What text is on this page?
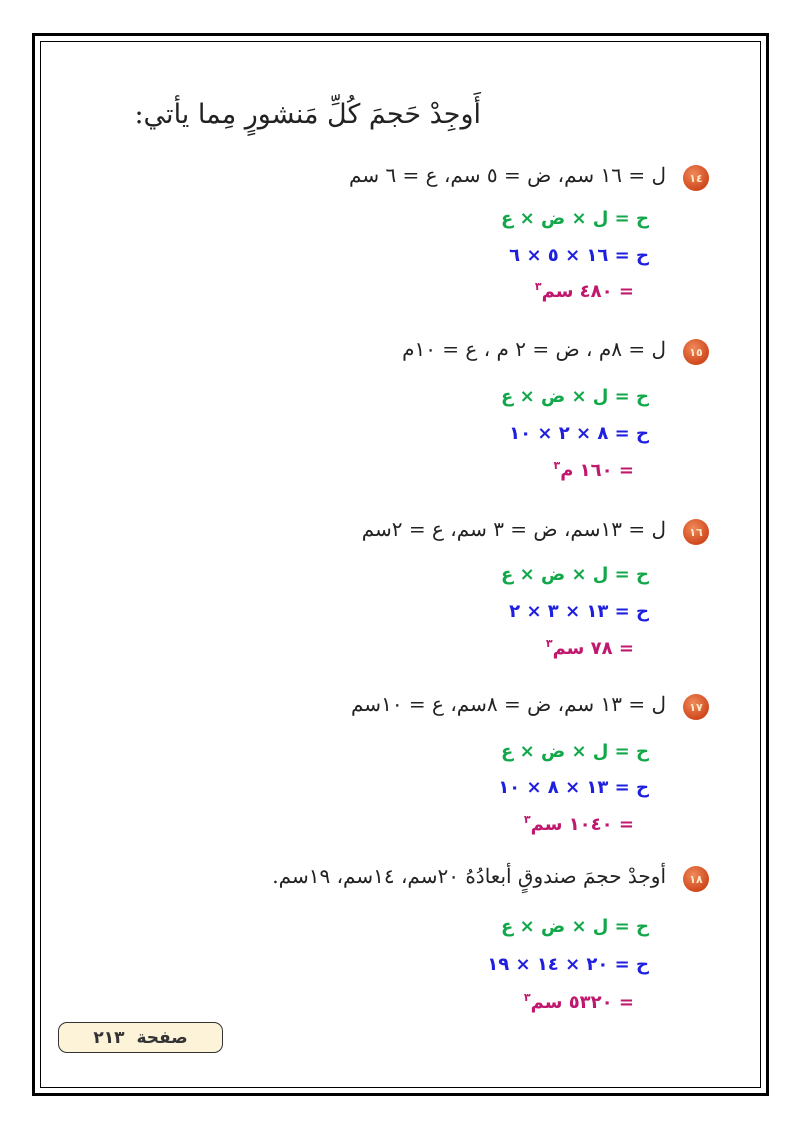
أَوجِدْ حَجمَ كُلِّ مَنشورٍ مِما يأتي:
١٤
ل = ١٦ سم، ض = ٥ سم، ع = ٦ سم
ح = ل × ض × ع
ح = ١٦ × ٥ × ٦
= ٤٨٠ سم$^٣$
١٥
ل = ٨م ، ض = ٢ م ، ع = ١٠م
ح = ل × ض × ع
ح = ٨ × ٢ × ١٠
= ١٦٠ م$^٣$
١٦
ل = ١٣سم، ض = ٣ سم، ع = ٢سم
ح = ل × ض × ع
ح = ١٣ × ٣ × ٢
= ٧٨ سم$^٣$
١٧
ل = ١٣ سم، ض = ٨سم، ع = ١٠سم
ح = ل × ض × ع
ح = ١٣ × ٨ × ١٠
= ١٠٤٠ سم$^٣$
١٨
أوجدْ حجمَ صندوقٍ أبعادُهُ ٢٠سم، ١٤سم، ١٩سم.
ح = ل × ض × ع
ح = ٢٠ × ١٤ × ١٩
= ٥٣٢٠ سم$^٣$
صفحة
٢١٣
